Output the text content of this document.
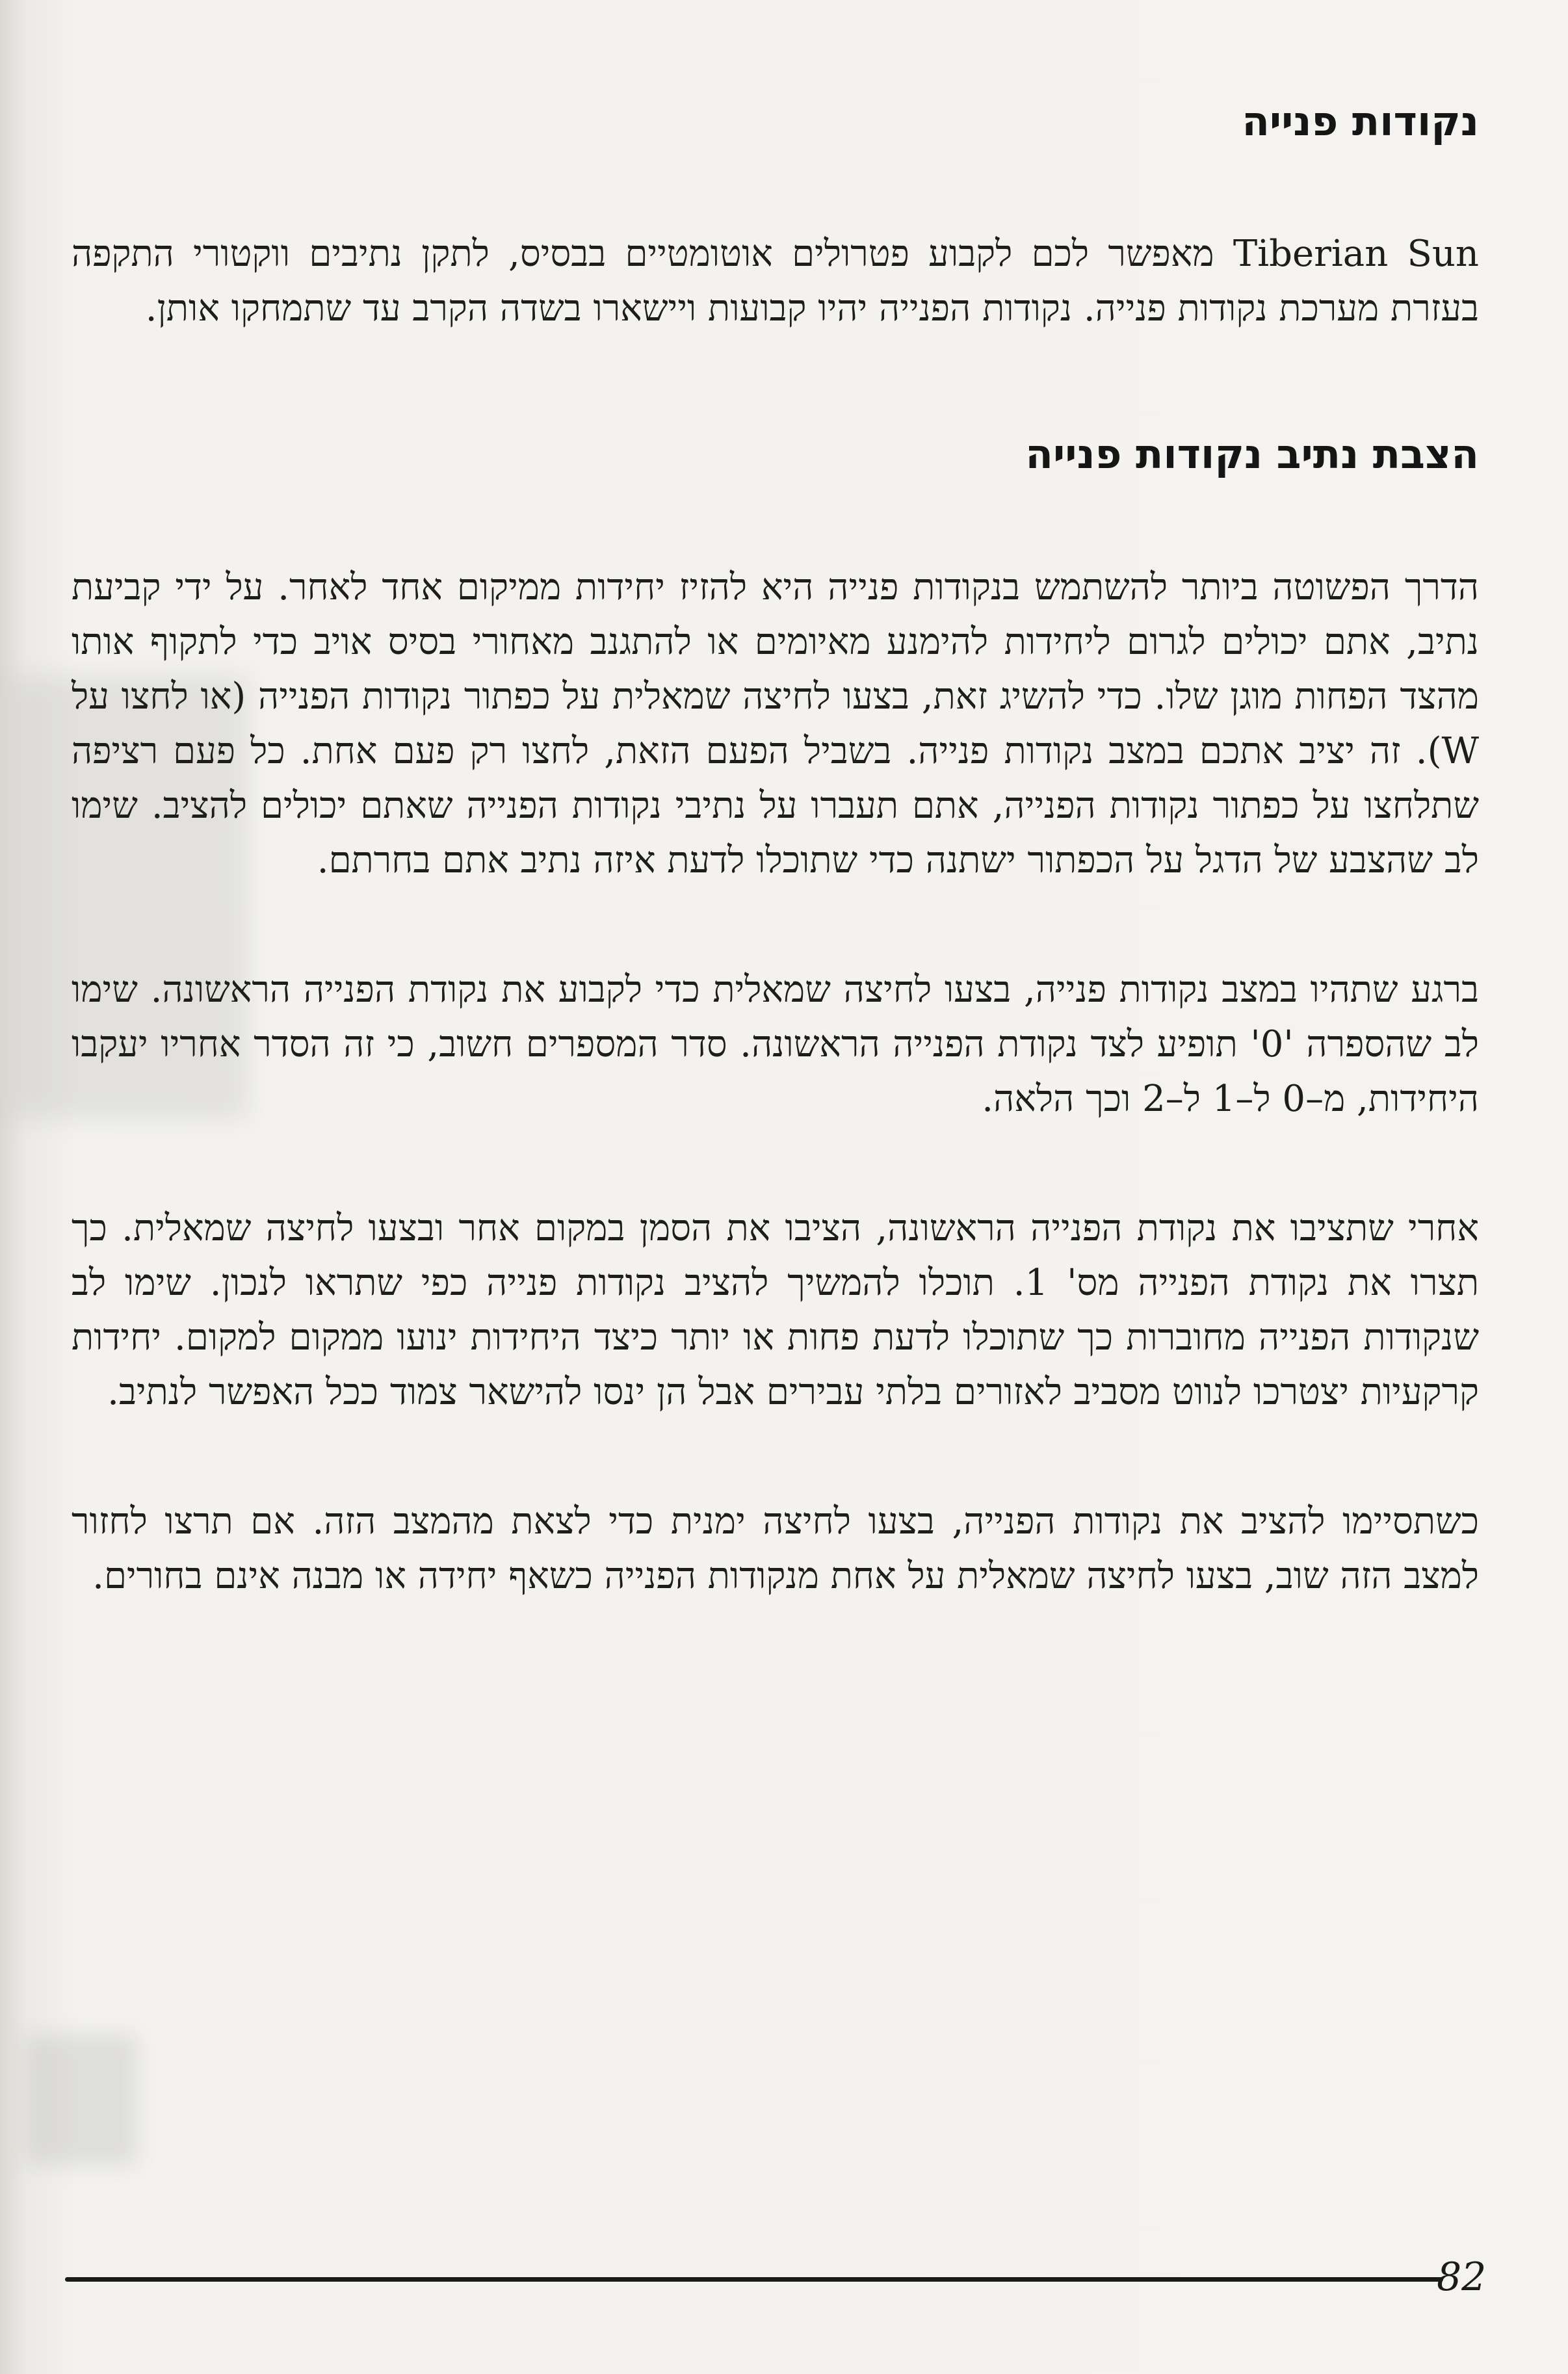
נקודות פנייה

Tiberian Sun מאפשר לכם לקבוע פטרולים אוטומטיים בבסיס, לתקן נתיבים ווקטורי התקפה בעזרת מערכת נקודות פנייה. נקודות הפנייה יהיו קבועות ויישארו בשדה הקרב עד שתמחקו אותן.

הצבת נתיב נקודות פנייה

הדרך הפשוטה ביותר להשתמש בנקודות פנייה היא להזיז יחידות ממיקום אחד לאחר. על ידי קביעת נתיב, אתם יכולים לגרום ליחידות להימנע מאיומים או להתגנב מאחורי בסיס אויב כדי לתקוף אותו מהצד הפחות מוגן שלו. כדי להשיג זאת, בצעו לחיצה שמאלית על כפתור נקודות הפנייה (או לחצו על W). זה יציב אתכם במצב נקודות פנייה. בשביל הפעם הזאת, לחצו רק פעם אחת. כל פעם רציפה שתלחצו על כפתור נקודות הפנייה, אתם תעברו על נתיבי נקודות הפנייה שאתם יכולים להציב. שימו לב שהצבע של הדגל על הכפתור ישתנה כדי שתוכלו לדעת איזה נתיב אתם בחרתם.

ברגע שתהיו במצב נקודות פנייה, בצעו לחיצה שמאלית כדי לקבוע את נקודת הפנייה הראשונה. שימו לב שהספרה '0' תופיע לצד נקודת הפנייה הראשונה. סדר המספרים חשוב, כי זה הסדר אחריו יעקבו היחידות, מ–0 ל–1 ל–2 וכך הלאה.

אחרי שתציבו את נקודת הפנייה הראשונה, הציבו את הסמן במקום אחר ובצעו לחיצה שמאלית. כך תצרו את נקודת הפנייה מס' 1. תוכלו להמשיך להציב נקודות פנייה כפי שתראו לנכון. שימו לב שנקודות הפנייה מחוברות כך שתוכלו לדעת פחות או יותר כיצד היחידות ינועו ממקום למקום. יחידות קרקעיות יצטרכו לנווט מסביב לאזורים בלתי עבירים אבל הן ינסו להישאר צמוד ככל האפשר לנתיב.

כשתסיימו להציב את נקודות הפנייה, בצעו לחיצה ימנית כדי לצאת מהמצב הזה. אם תרצו לחזור למצב הזה שוב, בצעו לחיצה שמאלית על אחת מנקודות הפנייה כשאף יחידה או מבנה אינם בחורים.

82
